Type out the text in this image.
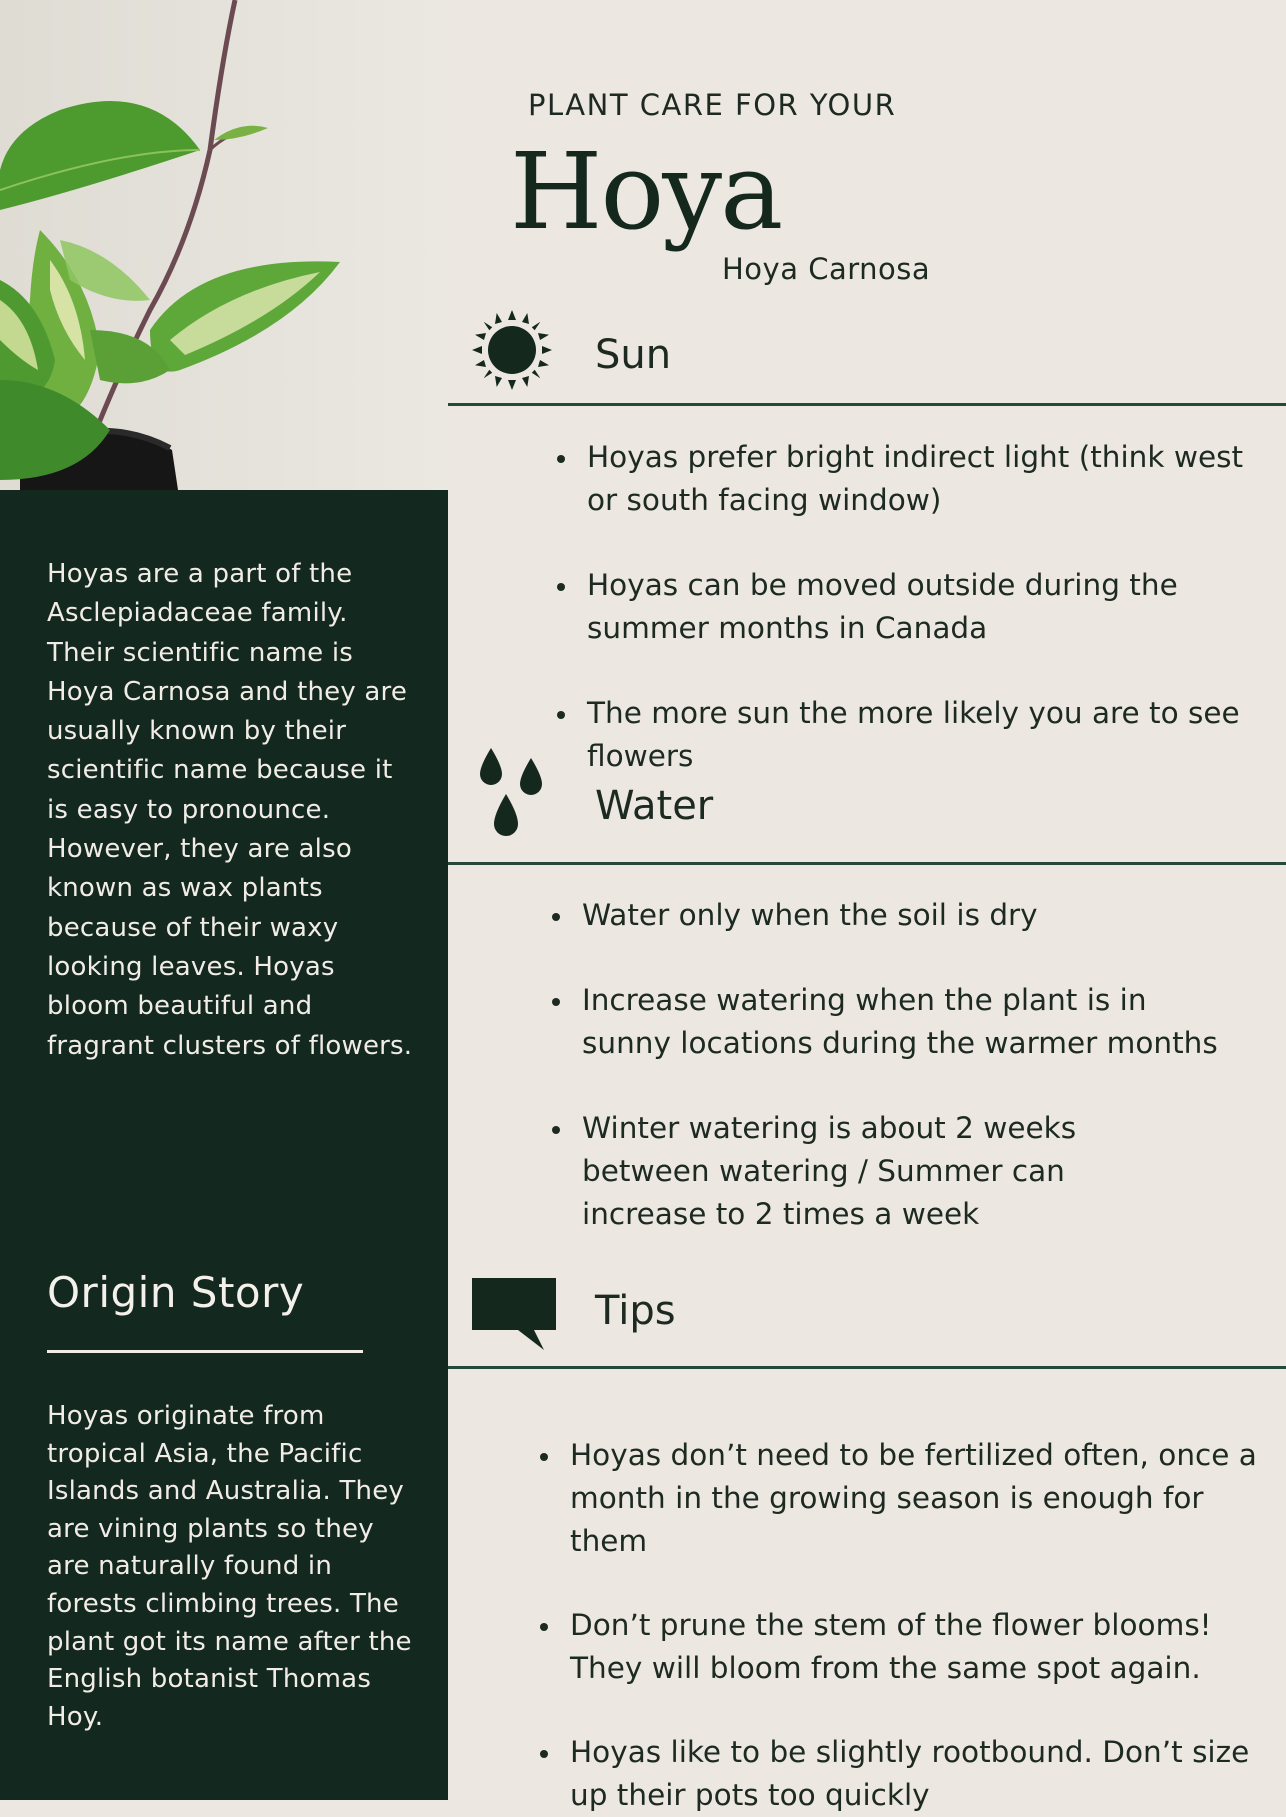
Hoyas are a part of the Asclepiadaceae family. Their scientific name is Hoya Carnosa and they are usually known by their scientific name because it is easy to pronounce. However, they are also known as wax plants because of their waxy looking leaves. Hoyas bloom beautiful and fragrant clusters of flowers.
Origin Story
Hoyas originate from tropical Asia, the Pacific Islands and Australia. They are vining plants so they are naturally found in forests climbing trees. The plant got its name after the English botanist Thomas Hoy.
PLANT CARE FOR YOUR
Hoya
Hoya Carnosa
Sun
Hoyas prefer bright indirect light (think west or south facing window)
Hoyas can be moved outside during the summer months in Canada
The more sun the more likely you are to see flowers
Water
Water only when the soil is dry
Increase watering when the plant is in sunny locations during the warmer months
Winter watering is about 2 weeks between watering / Summer can increase to 2 times a week
Tips
Hoyas don’t need to be fertilized often, once a month in the growing season is enough for them
Don’t prune the stem of the flower blooms! They will bloom from the same spot again.
Hoyas like to be slightly rootbound. Don’t size up their pots too quickly
